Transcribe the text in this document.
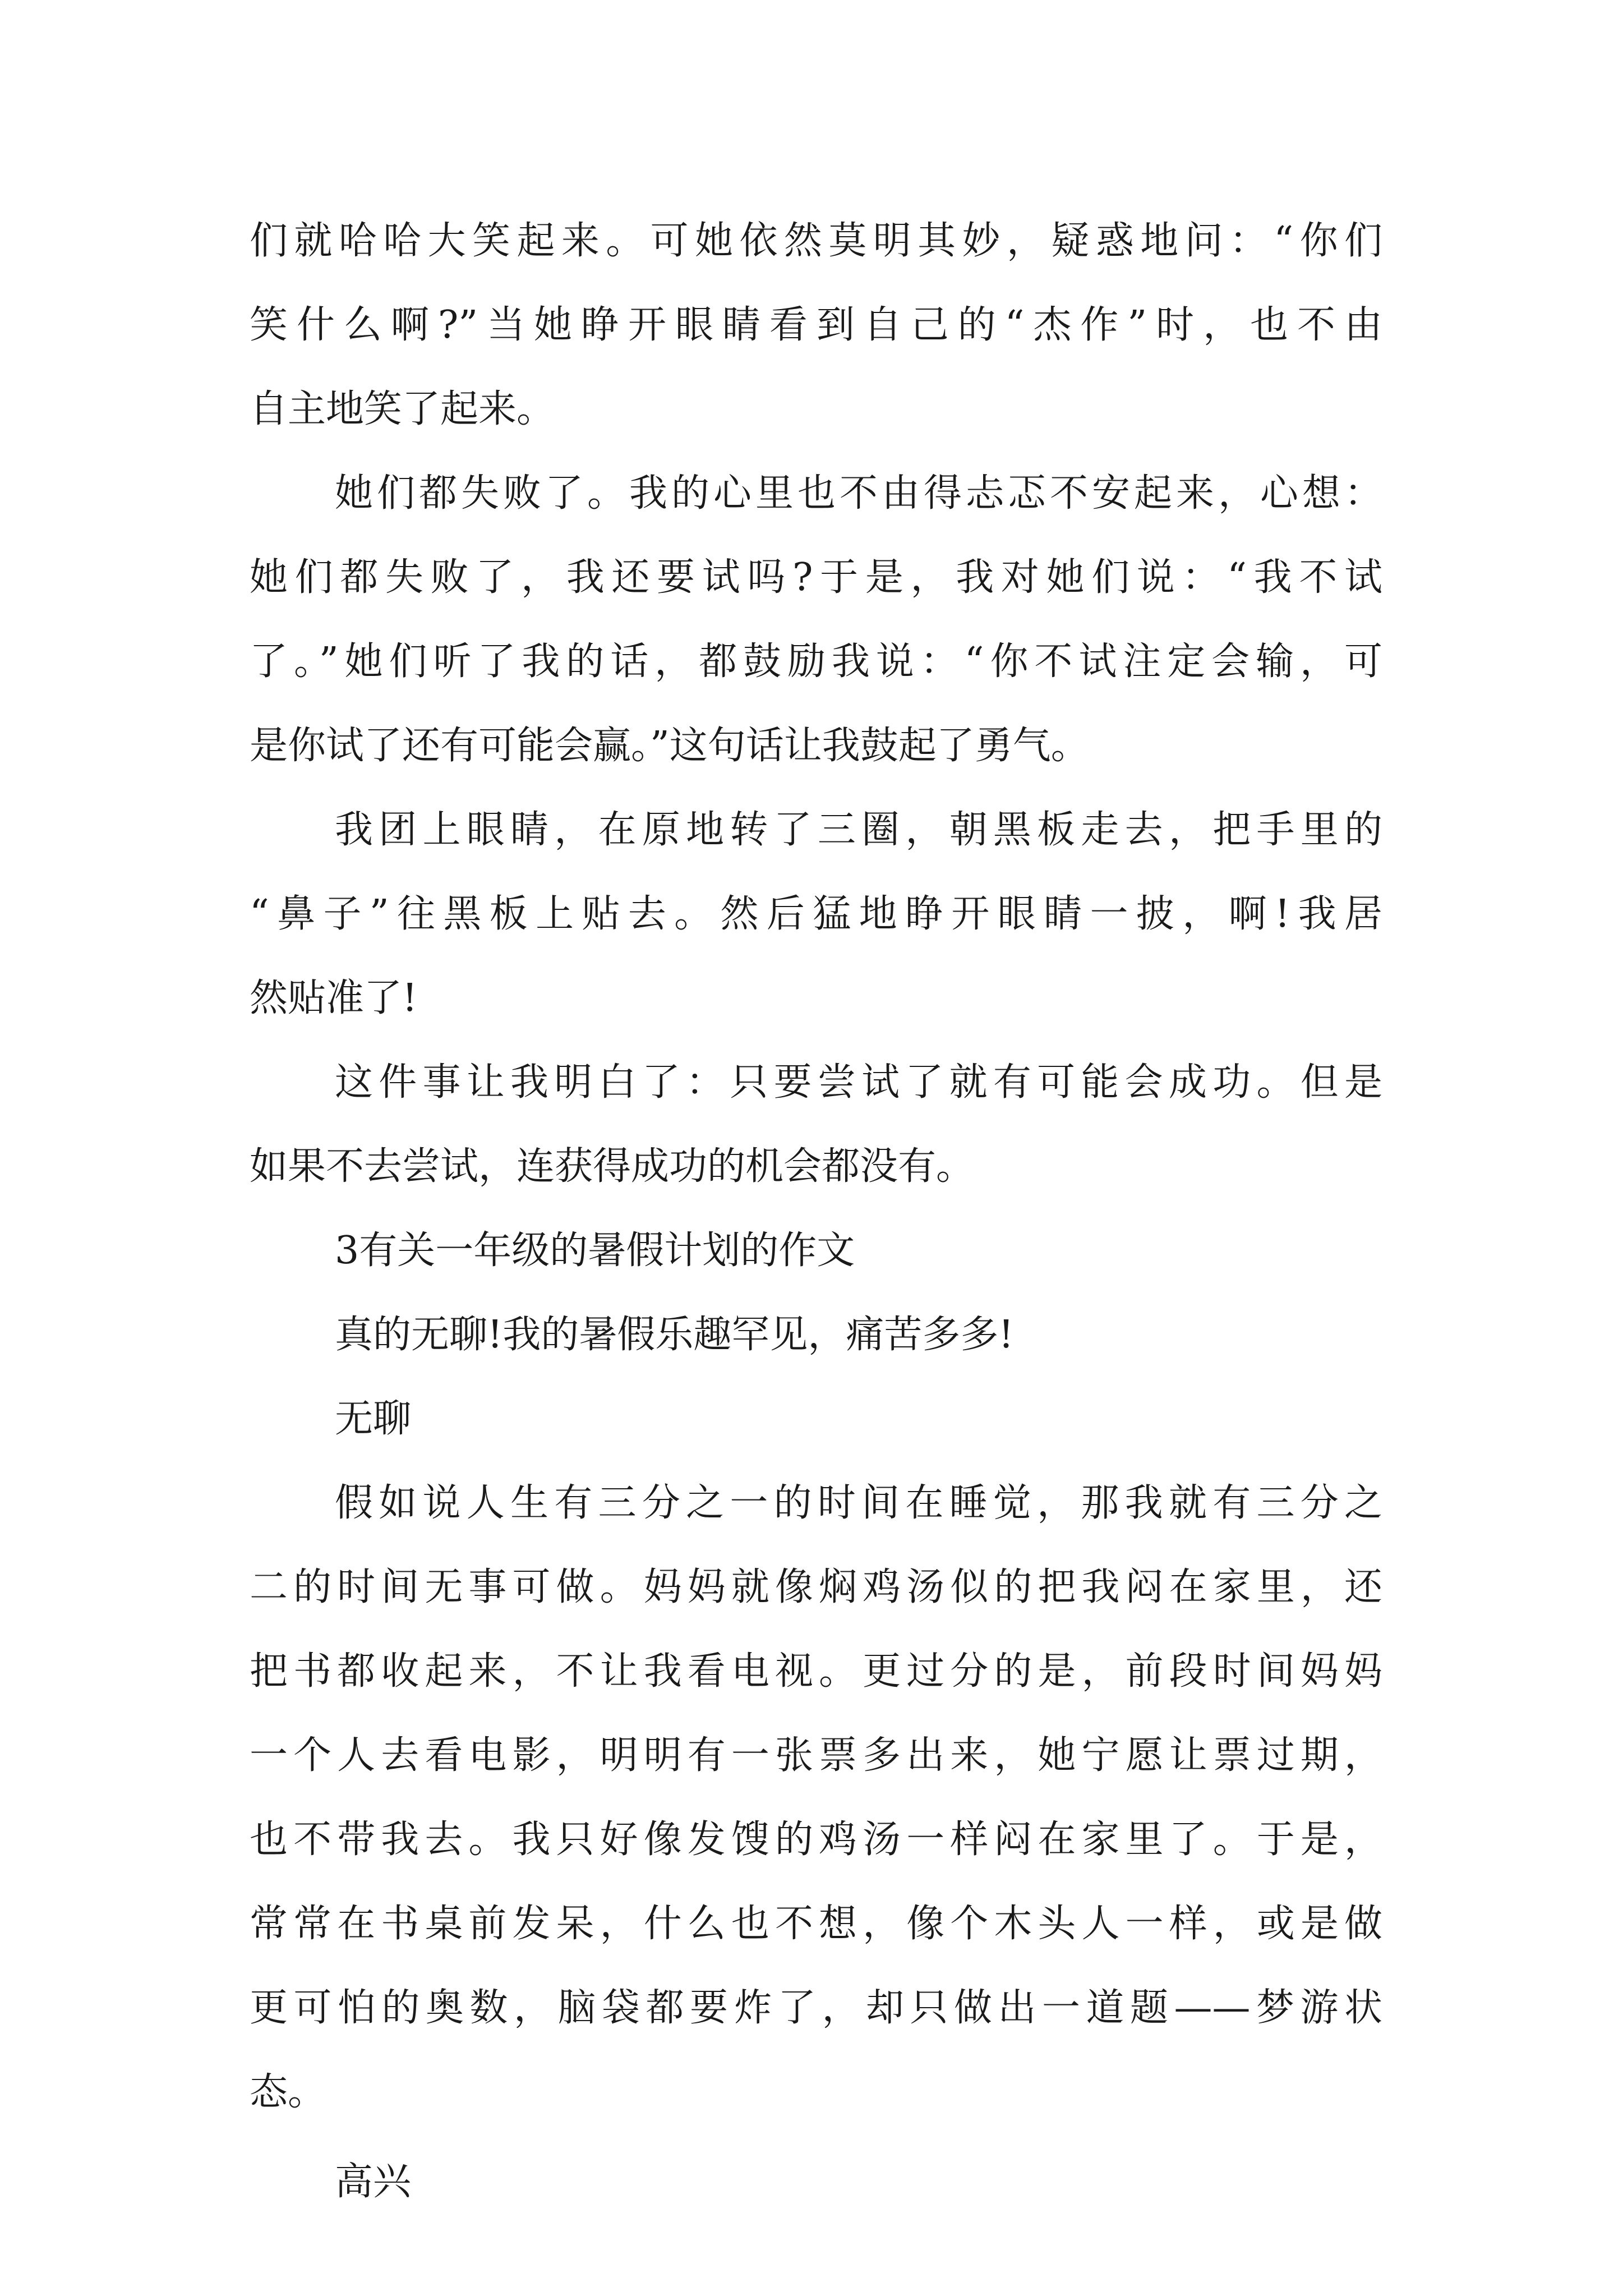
们就哈哈大笑起来。可她依然莫明其妙，疑惑地问：“你们
笑什么啊?”当她睁开眼睛看到自己的“杰作”时，也不由
自主地笑了起来。
她们都失败了。我的心里也不由得忐忑不安起来，心想：
她们都失败了，我还要试吗?于是，我对她们说：“我不试
了。”她们听了我的话，都鼓励我说：“你不试注定会输，可
是你试了还有可能会赢。”这句话让我鼓起了勇气。
我团上眼睛，在原地转了三圈，朝黑板走去，把手里的
“鼻子”往黑板上贴去。然后猛地睁开眼睛一披，啊!我居
然贴准了!
这件事让我明白了：只要尝试了就有可能会成功。但是
如果不去尝试，连获得成功的机会都没有。
3有关一年级的暑假计划的作文
真的无聊!我的暑假乐趣罕见，痛苦多多!
无聊
假如说人生有三分之一的时间在睡觉，那我就有三分之
二的时间无事可做。妈妈就像焖鸡汤似的把我闷在家里，还
把书都收起来，不让我看电视。更过分的是，前段时间妈妈
一个人去看电影，明明有一张票多出来，她宁愿让票过期，
也不带我去。我只好像发馊的鸡汤一样闷在家里了。于是，
常常在书桌前发呆，什么也不想，像个木头人一样，或是做
更可怕的奥数，脑袋都要炸了，却只做出一道题——梦游状
态。
高兴
